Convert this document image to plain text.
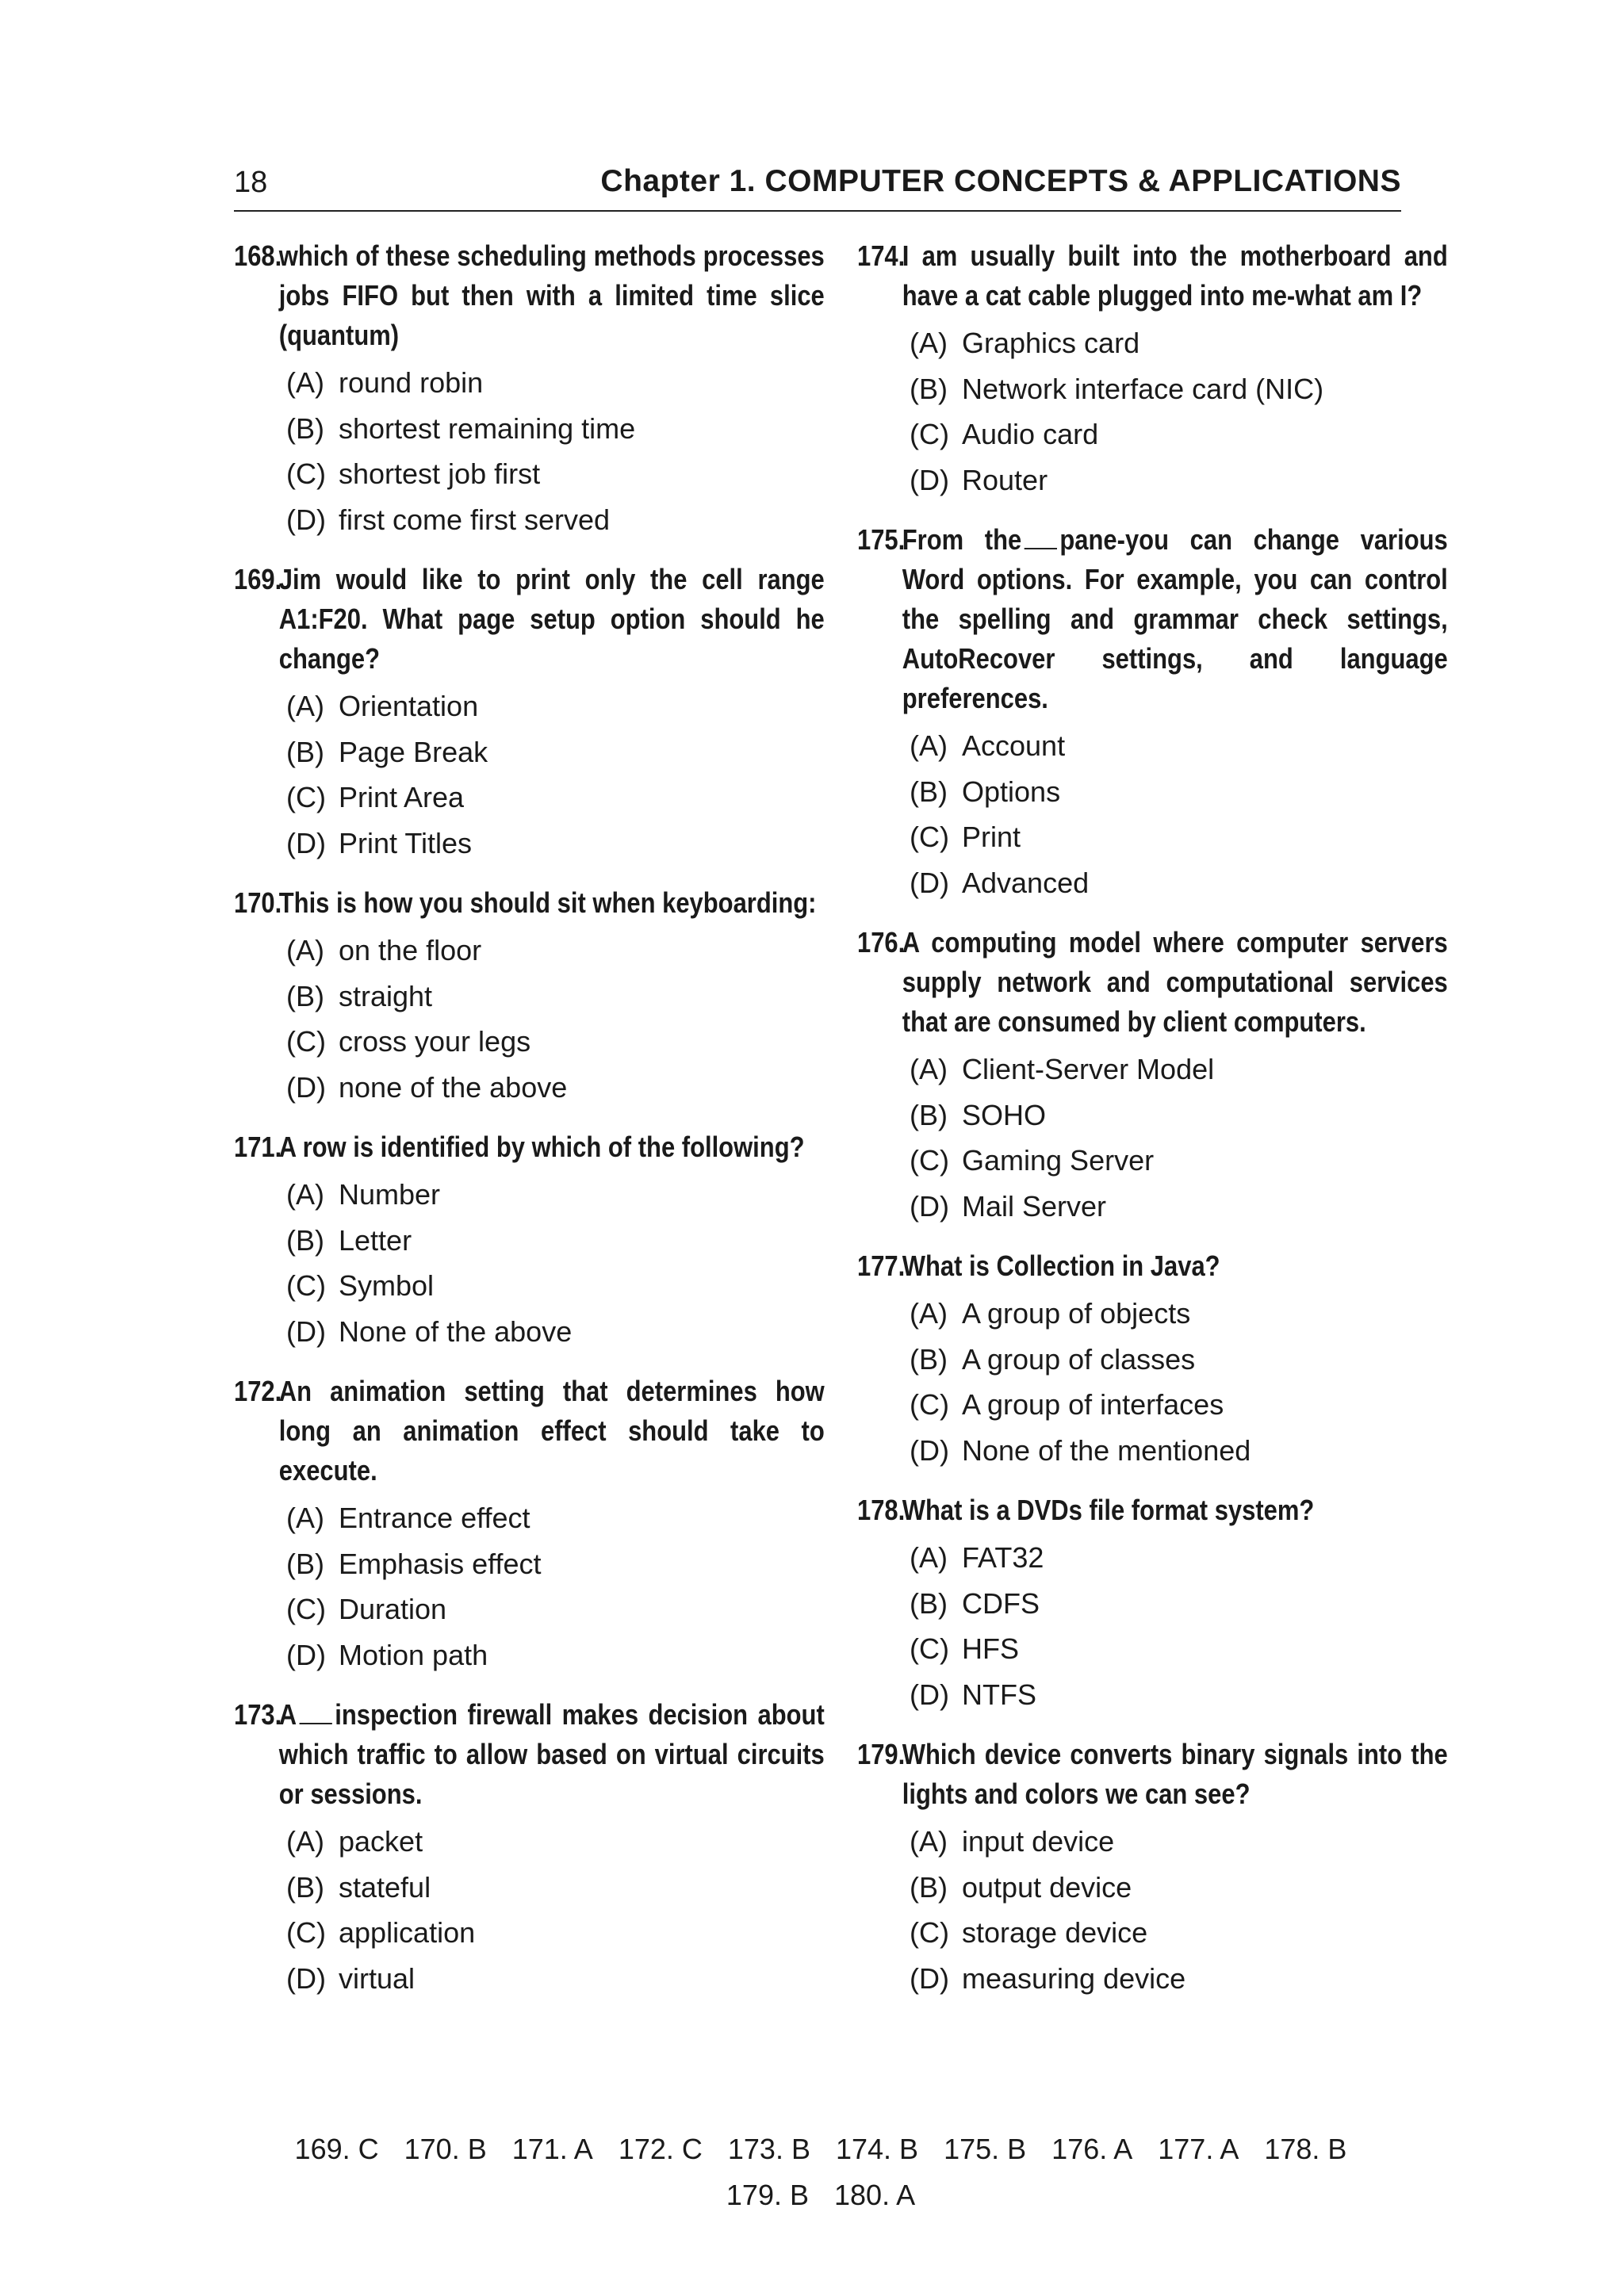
18	Chapter 1. COMPUTER CONCEPTS & APPLICATIONS
168.
which of these scheduling methods processes jobs FIFO but then with a limited time slice (quantum)
(A) round robin
(B) shortest remaining time
(C) shortest job first
(D) first come first served
169.
Jim would like to print only the cell range A1:F20. What page setup option should he change?
(A) Orientation
(B) Page Break
(C) Print Area
(D) Print Titles
170.
This is how you should sit when keyboarding:
(A) on the floor
(B) straight
(C) cross your legs
(D) none of the above
171.
A row is identified by which of the following?
(A) Number
(B) Letter
(C) Symbol
(D) None of the above
172.
An animation setting that determines how long an animation effect should take to execute.
(A) Entrance effect
(B) Emphasis effect
(C) Duration
(D) Motion path
173.
A inspection firewall makes decision about which traffic to allow based on virtual circuits or sessions.
(A) packet
(B) stateful
(C) application
(D) virtual
174.
I am usually built into the motherboard and have a cat cable plugged into me-what am I?
(A) Graphics card
(B) Network interface card (NIC)
(C) Audio card
(D) Router
175.
From the pane-you can change various Word options. For example, you can control the spelling and grammar check settings, AutoRecover settings, and language preferences.
(A) Account
(B) Options
(C) Print
(D) Advanced
176.
A computing model where computer servers supply network and computational services that are consumed by client computers.
(A) Client-Server Model
(B) SOHO
(C) Gaming Server
(D) Mail Server
177.
What is Collection in Java?
(A) A group of objects
(B) A group of classes
(C) A group of interfaces
(D) None of the mentioned
178.
What is a DVDs file format system?
(A) FAT32
(B) CDFS
(C) HFS
(D) NTFS
179.
Which device converts binary signals into the lights and colors we can see?
(A) input device
(B) output device
(C) storage device
(D) measuring device
169. C 170. B 171. A 172. C 173. B 174. B 175. B 176. A 177. A 178. B179. B 180. A
